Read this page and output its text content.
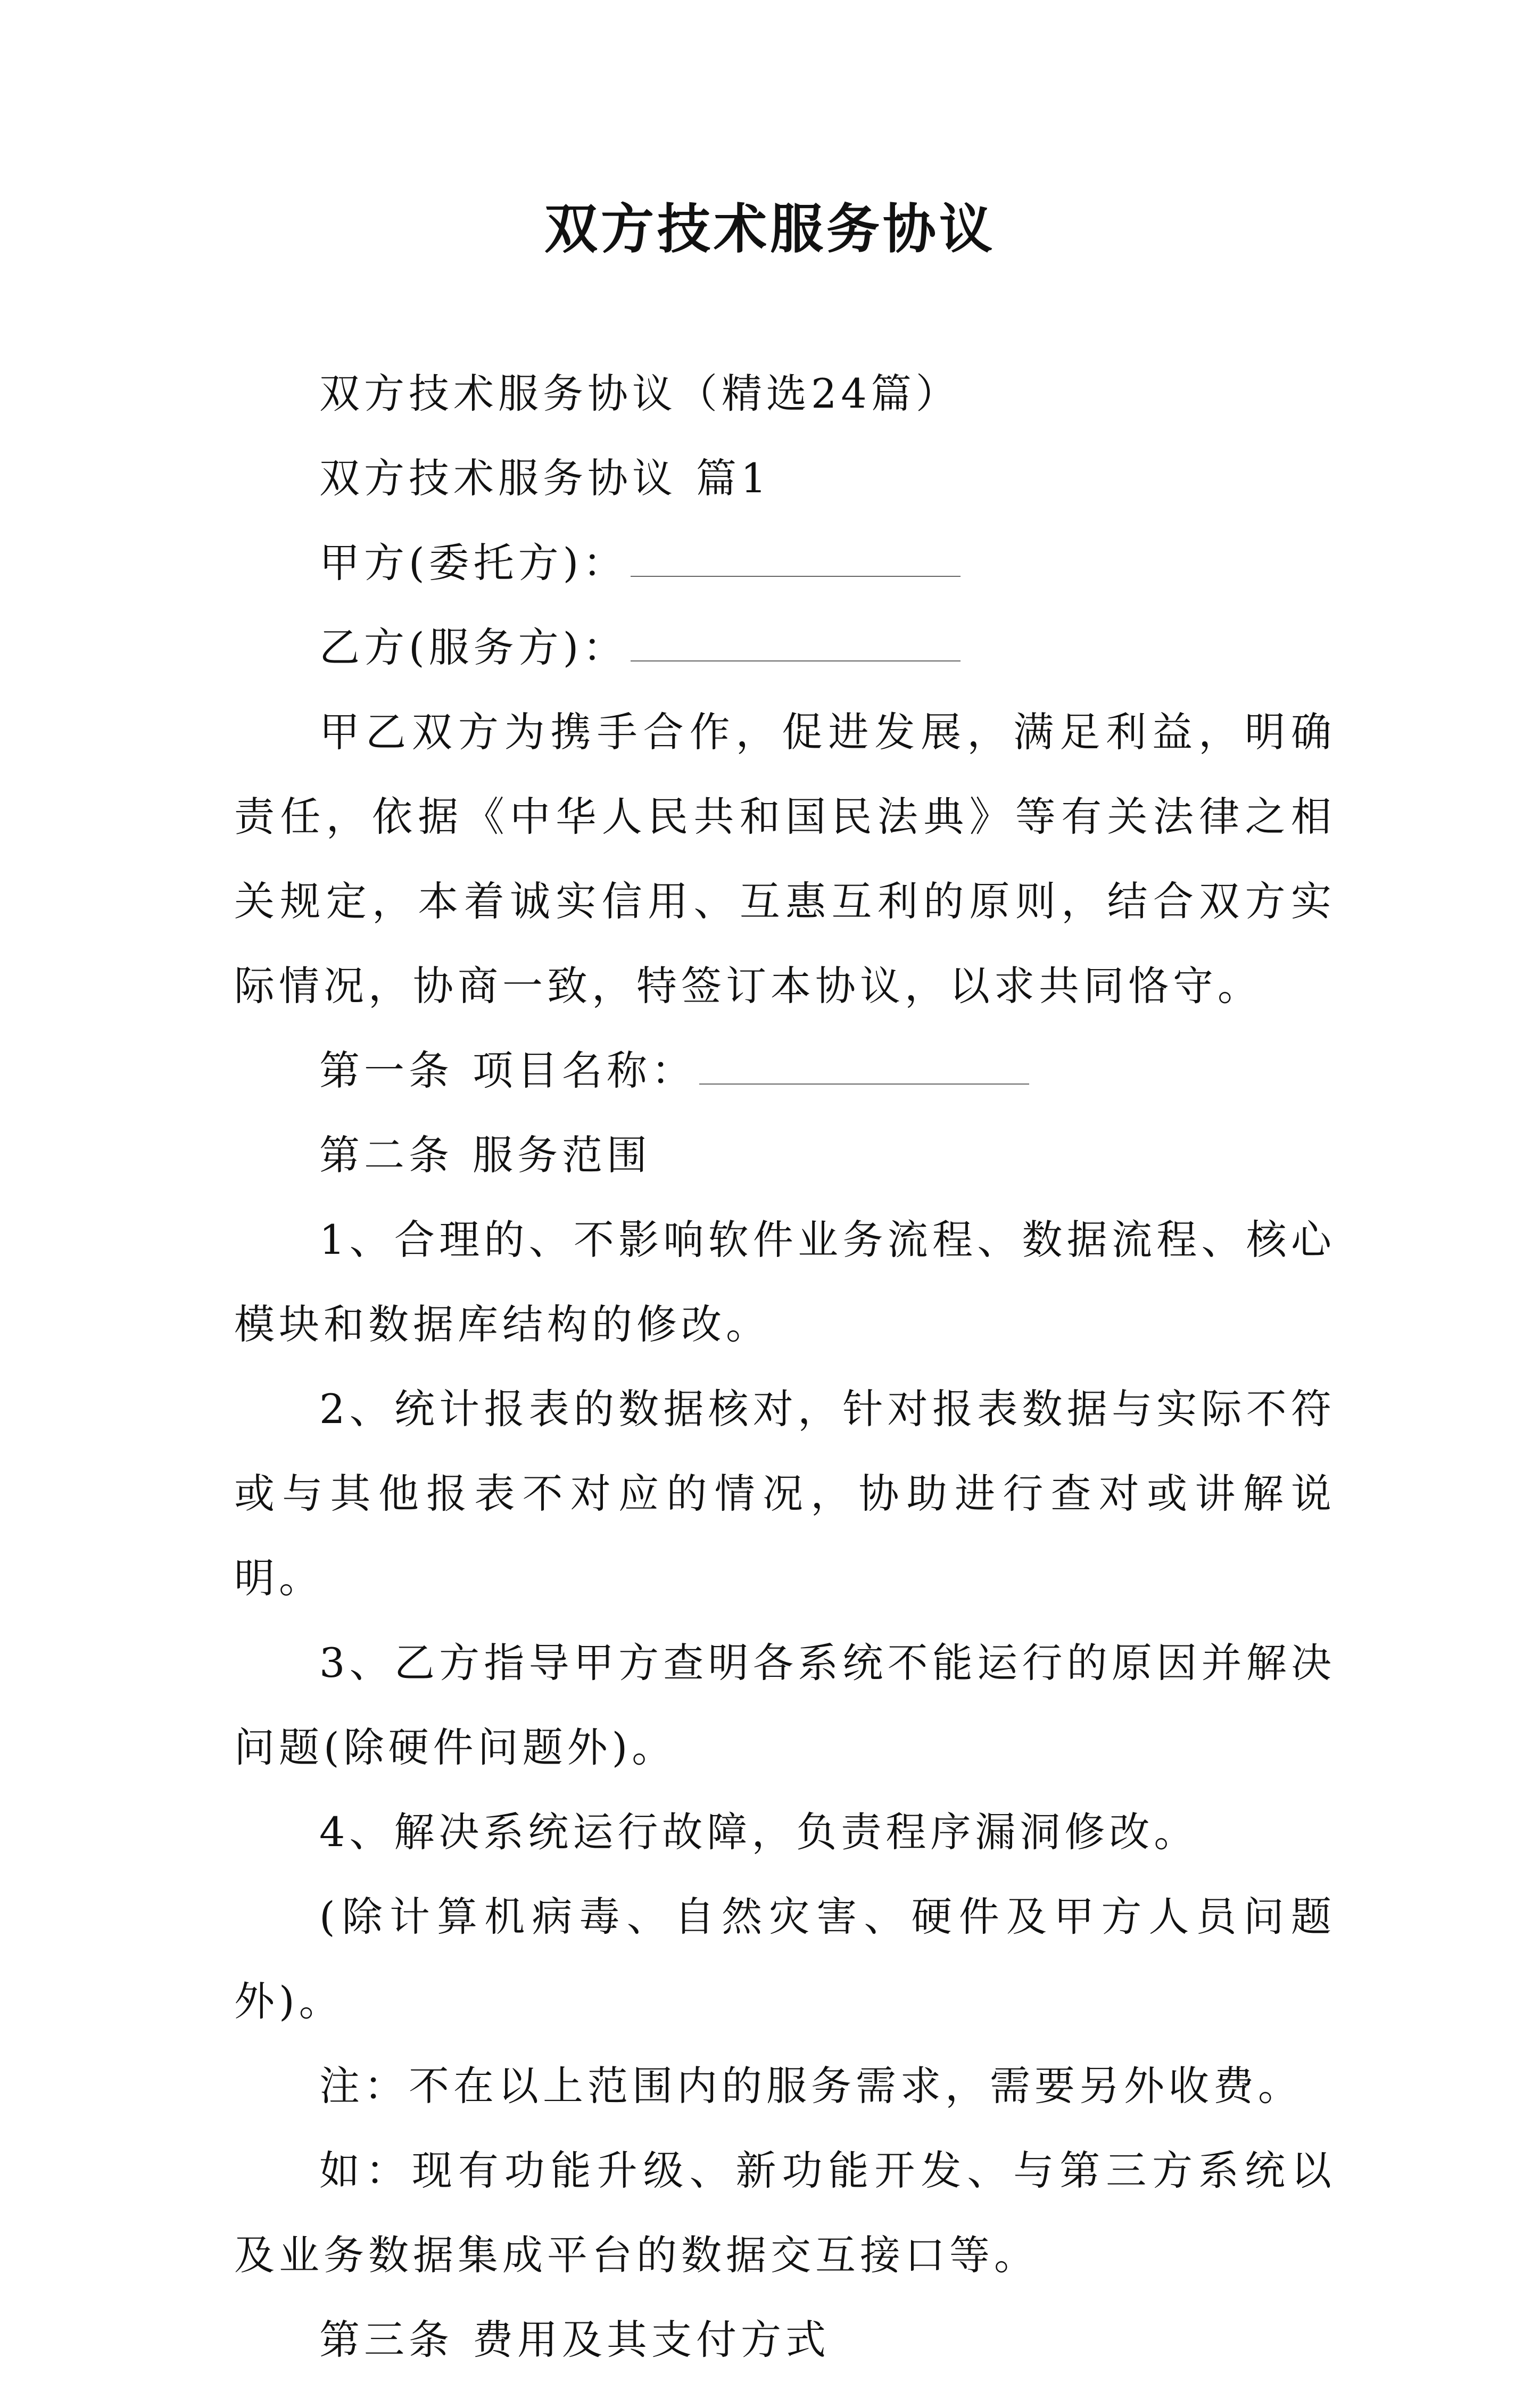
双方技术服务协议

双方技术服务协议（精选24篇）

双方技术服务协议 篇1

甲方(委托方)：

乙方(服务方)：

甲乙双方为携手合作，促进发展，满足利益，明确责任，依据《中华人民共和国民法典》等有关法律之相关规定，本着诚实信用、互惠互利的原则，结合双方实际情况，协商一致，特签订本协议，以求共同恪守。

第一条 项目名称：

第二条 服务范围

1、合理的、不影响软件业务流程、数据流程、核心模块和数据库结构的修改。

2、统计报表的数据核对，针对报表数据与实际不符或与其他报表不对应的情况，协助进行查对或讲解说明。

3、乙方指导甲方查明各系统不能运行的原因并解决问题(除硬件问题外)。

4、解决系统运行故障，负责程序漏洞修改。

(除计算机病毒、自然灾害、硬件及甲方人员问题外)。

注：不在以上范围内的服务需求，需要另外收费。

如：现有功能升级、新功能开发、与第三方系统以及业务数据集成平台的数据交互接口等。

第三条 费用及其支付方式
